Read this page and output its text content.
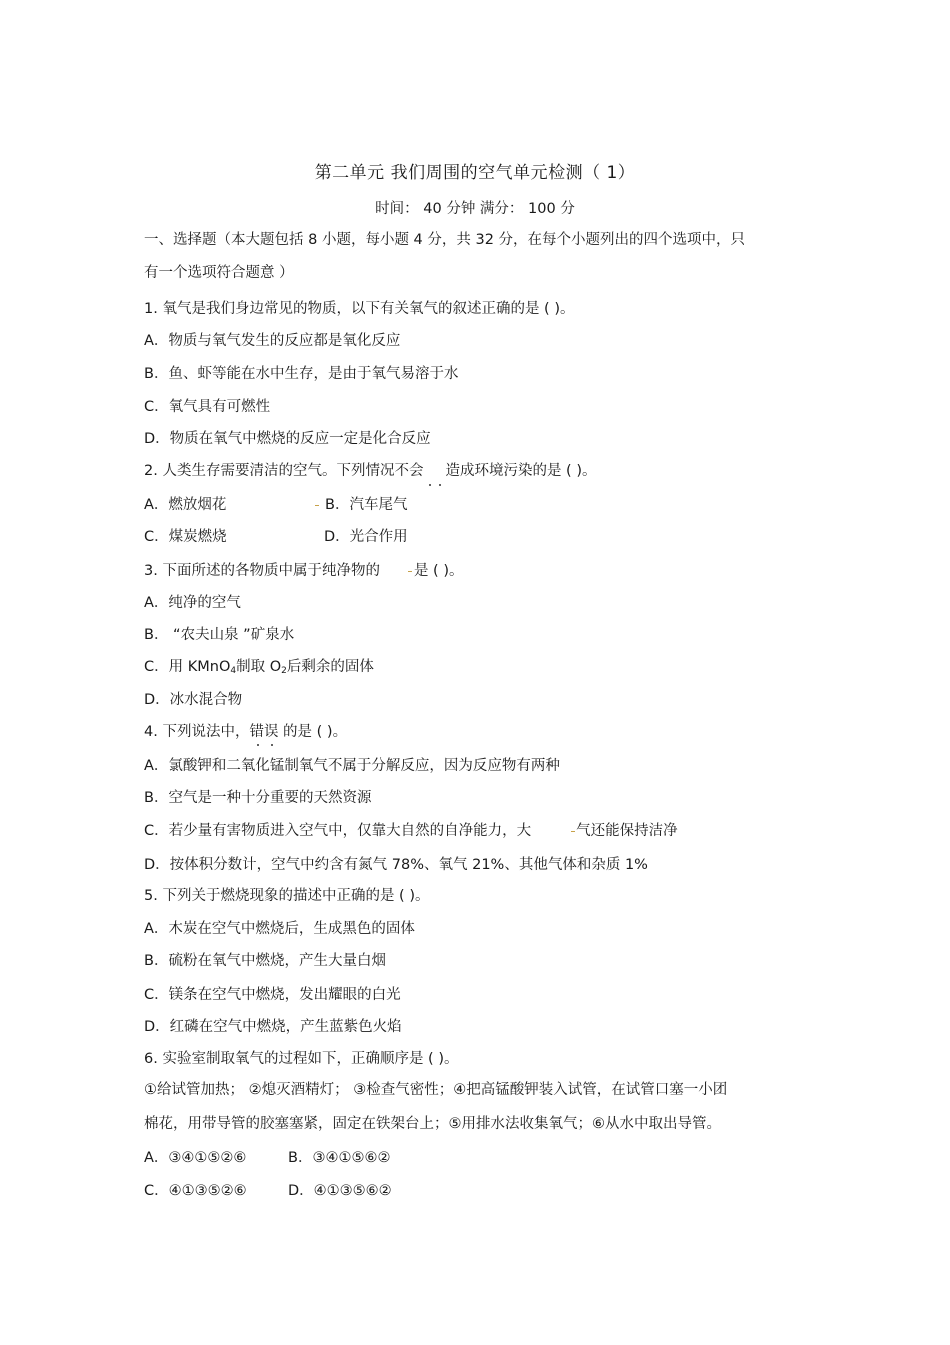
第二单元 我们周围的空气单元检测（ 1）
时间： 40 分钟 满分： 100 分
一、选择题（本大题包括 8 小题，每小题 4 分，共 32 分，在每个小题列出的四个选项中，只
有一个选项符合题意 ）
1. 氧气是我们身边常见的物质，以下有关氧气的叙述正确的是 ( )。
A．物质与氧气发生的反应都是氧化反应
B．鱼、虾等能在水中生存，是由于氧气易溶于水
C．氧气具有可燃性
D．物质在氧气中燃烧的反应一定是化合反应
2. 人类生存需要清洁的空气。下列情况不会 造成环境污染的是 ( )。
A．燃放烟花	B．汽车尾气
C．煤炭燃烧	D．光合作用
3. 下面所述的各物质中属于纯净物的 是 ( )。
A．纯净的空气
B． “农夫山泉 ”矿泉水
C．用 KMnO$_4$制取 $O_2$后剩余的固体
D．冰水混合物
4. 下列说法中，错误 的是 ( )。
A．氯酸钾和二氧化锰制氧气不属于分解反应，因为反应物有两种
B．空气是一种十分重要的天然资源
C．若少量有害物质进入空气中，仅靠大自然的自净能力，大	气还能保持洁净
D．按体积分数计，空气中约含有氮气 78%、氧气 21%、其他气体和杂质 1%
5. 下列关于燃烧现象的描述中正确的是 ( )。
A．木炭在空气中燃烧后，生成黑色的固体
B．硫粉在氧气中燃烧，产生大量白烟
C．镁条在空气中燃烧，发出耀眼的白光
D．红磷在空气中燃烧，产生蓝紫色火焰
6. 实验室制取氧气的过程如下，正确顺序是 ( )。
①给试管加热； ②熄灭酒精灯； ③检查气密性；④把高锰酸钾装入试管，在试管口塞一小团
棉花，用带导管的胶塞塞紧，固定在铁架台上；⑤用排水法收集氧气；⑥从水中取出导管。
A．③④①⑤②⑥	B．③④①⑤⑥②
C．④①③⑤②⑥	D．④①③⑤⑥②
